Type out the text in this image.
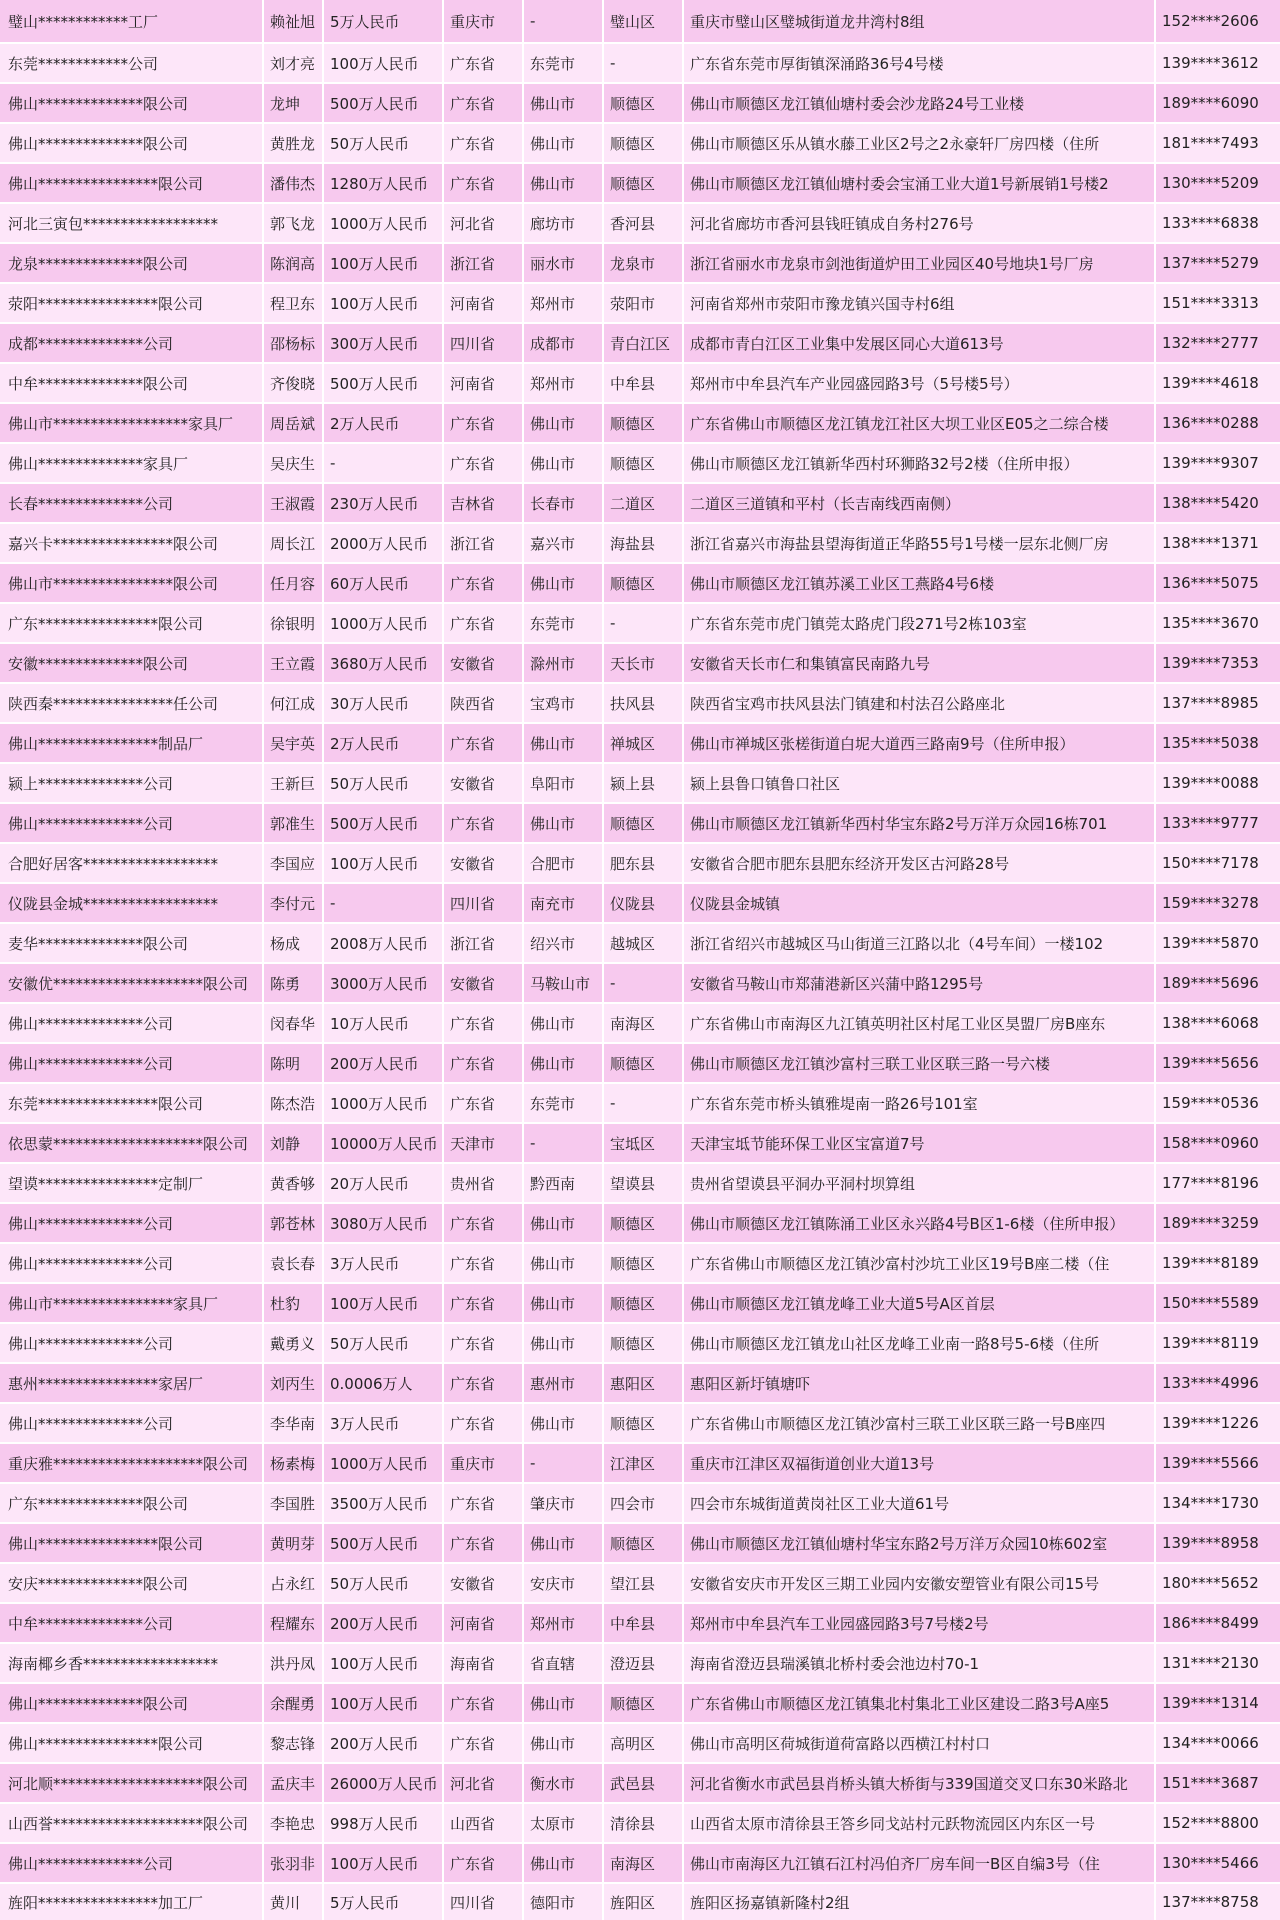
璧山************工厂	赖祉旭	5万人民币	重庆市	-	璧山区	重庆市璧山区璧城街道龙井湾村8组	152****2606
东莞************公司	刘才亮	100万人民币	广东省	东莞市	-	广东省东莞市厚街镇深涌路36号4号楼	139****3612
佛山**************限公司	龙坤	500万人民币	广东省	佛山市	顺德区	佛山市顺德区龙江镇仙塘村委会沙龙路24号工业楼	189****6090
佛山**************限公司	黄胜龙	50万人民币	广东省	佛山市	顺德区	佛山市顺德区乐从镇水藤工业区2号之2永豪轩厂房四楼（住所	181****7493
佛山****************限公司	潘伟杰	1280万人民币	广东省	佛山市	顺德区	佛山市顺德区龙江镇仙塘村委会宝涌工业大道1号新展销1号楼2	130****5209
河北三寅包******************	郭飞龙	1000万人民币	河北省	廊坊市	香河县	河北省廊坊市香河县钱旺镇成自务村276号	133****6838
龙泉**************限公司	陈润高	100万人民币	浙江省	丽水市	龙泉市	浙江省丽水市龙泉市剑池街道炉田工业园区40号地块1号厂房	137****5279
荥阳****************限公司	程卫东	100万人民币	河南省	郑州市	荥阳市	河南省郑州市荥阳市豫龙镇兴国寺村6组	151****3313
成都**************公司	邵杨标	300万人民币	四川省	成都市	青白江区	成都市青白江区工业集中发展区同心大道613号	132****2777
中牟**************限公司	齐俊晓	500万人民币	河南省	郑州市	中牟县	郑州市中牟县汽车产业园盛园路3号（5号楼5号）	139****4618
佛山市******************家具厂	周岳斌	2万人民币	广东省	佛山市	顺德区	广东省佛山市顺德区龙江镇龙江社区大坝工业区E05之二综合楼	136****0288
佛山**************家具厂	吴庆生	-	广东省	佛山市	顺德区	佛山市顺德区龙江镇新华西村环狮路32号2楼（住所申报）	139****9307
长春**************公司	王淑霞	230万人民币	吉林省	长春市	二道区	二道区三道镇和平村（长吉南线西南侧）	138****5420
嘉兴卡****************限公司	周长江	2000万人民币	浙江省	嘉兴市	海盐县	浙江省嘉兴市海盐县望海街道正华路55号1号楼一层东北侧厂房	138****1371
佛山市****************限公司	任月容	60万人民币	广东省	佛山市	顺德区	佛山市顺德区龙江镇苏溪工业区工燕路4号6楼	136****5075
广东****************限公司	徐银明	1000万人民币	广东省	东莞市	-	广东省东莞市虎门镇莞太路虎门段271号2栋103室	135****3670
安徽**************限公司	王立霞	3680万人民币	安徽省	滁州市	天长市	安徽省天长市仁和集镇富民南路九号	139****7353
陕西秦****************任公司	何江成	30万人民币	陕西省	宝鸡市	扶风县	陕西省宝鸡市扶风县法门镇建和村法召公路座北	137****8985
佛山****************制品厂	吴宇英	2万人民币	广东省	佛山市	禅城区	佛山市禅城区张槎街道白坭大道西三路南9号（住所申报）	135****5038
颍上**************公司	王新巨	50万人民币	安徽省	阜阳市	颍上县	颍上县鲁口镇鲁口社区	139****0088
佛山**************公司	郭准生	500万人民币	广东省	佛山市	顺德区	佛山市顺德区龙江镇新华西村华宝东路2号万洋万众园16栋701	133****9777
合肥好居客******************	李国应	100万人民币	安徽省	合肥市	肥东县	安徽省合肥市肥东县肥东经济开发区古河路28号	150****7178
仪陇县金城******************	李付元	-	四川省	南充市	仪陇县	仪陇县金城镇	159****3278
麦华**************限公司	杨成	2008万人民币	浙江省	绍兴市	越城区	浙江省绍兴市越城区马山街道三江路以北（4号车间）一楼102	139****5870
安徽优********************限公司	陈勇	3000万人民币	安徽省	马鞍山市	-	安徽省马鞍山市郑蒲港新区兴蒲中路1295号	189****5696
佛山**************公司	闵春华	10万人民币	广东省	佛山市	南海区	广东省佛山市南海区九江镇英明社区村尾工业区昊盟厂房B座东	138****6068
佛山**************公司	陈明	200万人民币	广东省	佛山市	顺德区	佛山市顺德区龙江镇沙富村三联工业区联三路一号六楼	139****5656
东莞****************限公司	陈杰浩	1000万人民币	广东省	东莞市	-	广东省东莞市桥头镇雅堤南一路26号101室	159****0536
依思蒙********************限公司	刘静	10000万人民币	天津市	-	宝坻区	天津宝坻节能环保工业区宝富道7号	158****0960
望谟****************定制厂	黄香够	20万人民币	贵州省	黔西南	望谟县	贵州省望谟县平洞办平洞村坝算组	177****8196
佛山**************公司	郭苍林	3080万人民币	广东省	佛山市	顺德区	佛山市顺德区龙江镇陈涌工业区永兴路4号B区1-6楼（住所申报）	189****3259
佛山**************公司	袁长春	3万人民币	广东省	佛山市	顺德区	广东省佛山市顺德区龙江镇沙富村沙坑工业区19号B座二楼（住	139****8189
佛山市****************家具厂	杜豹	100万人民币	广东省	佛山市	顺德区	佛山市顺德区龙江镇龙峰工业大道5号A区首层	150****5589
佛山**************公司	戴勇义	50万人民币	广东省	佛山市	顺德区	佛山市顺德区龙江镇龙山社区龙峰工业南一路8号5-6楼（住所	139****8119
惠州****************家居厂	刘丙生	0.0006万人	广东省	惠州市	惠阳区	惠阳区新圩镇塘吓	133****4996
佛山**************公司	李华南	3万人民币	广东省	佛山市	顺德区	广东省佛山市顺德区龙江镇沙富村三联工业区联三路一号B座四	139****1226
重庆雅********************限公司	杨素梅	1000万人民币	重庆市	-	江津区	重庆市江津区双福街道创业大道13号	139****5566
广东**************限公司	李国胜	3500万人民币	广东省	肇庆市	四会市	四会市东城街道黄岗社区工业大道61号	134****1730
佛山****************限公司	黄明芽	500万人民币	广东省	佛山市	顺德区	佛山市顺德区龙江镇仙塘村华宝东路2号万洋万众园10栋602室	139****8958
安庆**************限公司	占永红	50万人民币	安徽省	安庆市	望江县	安徽省安庆市开发区三期工业园内安徽安塑管业有限公司15号	180****5652
中牟**************公司	程耀东	200万人民币	河南省	郑州市	中牟县	郑州市中牟县汽车工业园盛园路3号7号楼2号	186****8499
海南椰乡香******************	洪丹凤	100万人民币	海南省	省直辖	澄迈县	海南省澄迈县瑞溪镇北桥村委会池边村70-1	131****2130
佛山**************限公司	余醒勇	100万人民币	广东省	佛山市	顺德区	广东省佛山市顺德区龙江镇集北村集北工业区建设二路3号A座5	139****1314
佛山****************限公司	黎志锋	200万人民币	广东省	佛山市	高明区	佛山市高明区荷城街道荷富路以西横江村村口	134****0066
河北顺********************限公司	孟庆丰	26000万人民币	河北省	衡水市	武邑县	河北省衡水市武邑县肖桥头镇大桥街与339国道交叉口东30米路北	151****3687
山西誉********************限公司	李艳忠	998万人民币	山西省	太原市	清徐县	山西省太原市清徐县王答乡同戈站村元跃物流园区内东区一号	152****8800
佛山**************公司	张羽非	100万人民币	广东省	佛山市	南海区	佛山市南海区九江镇石江村冯伯齐厂房车间一B区自编3号（住	130****5466
旌阳****************加工厂	黄川	5万人民币	四川省	德阳市	旌阳区	旌阳区扬嘉镇新隆村2组	137****8758
